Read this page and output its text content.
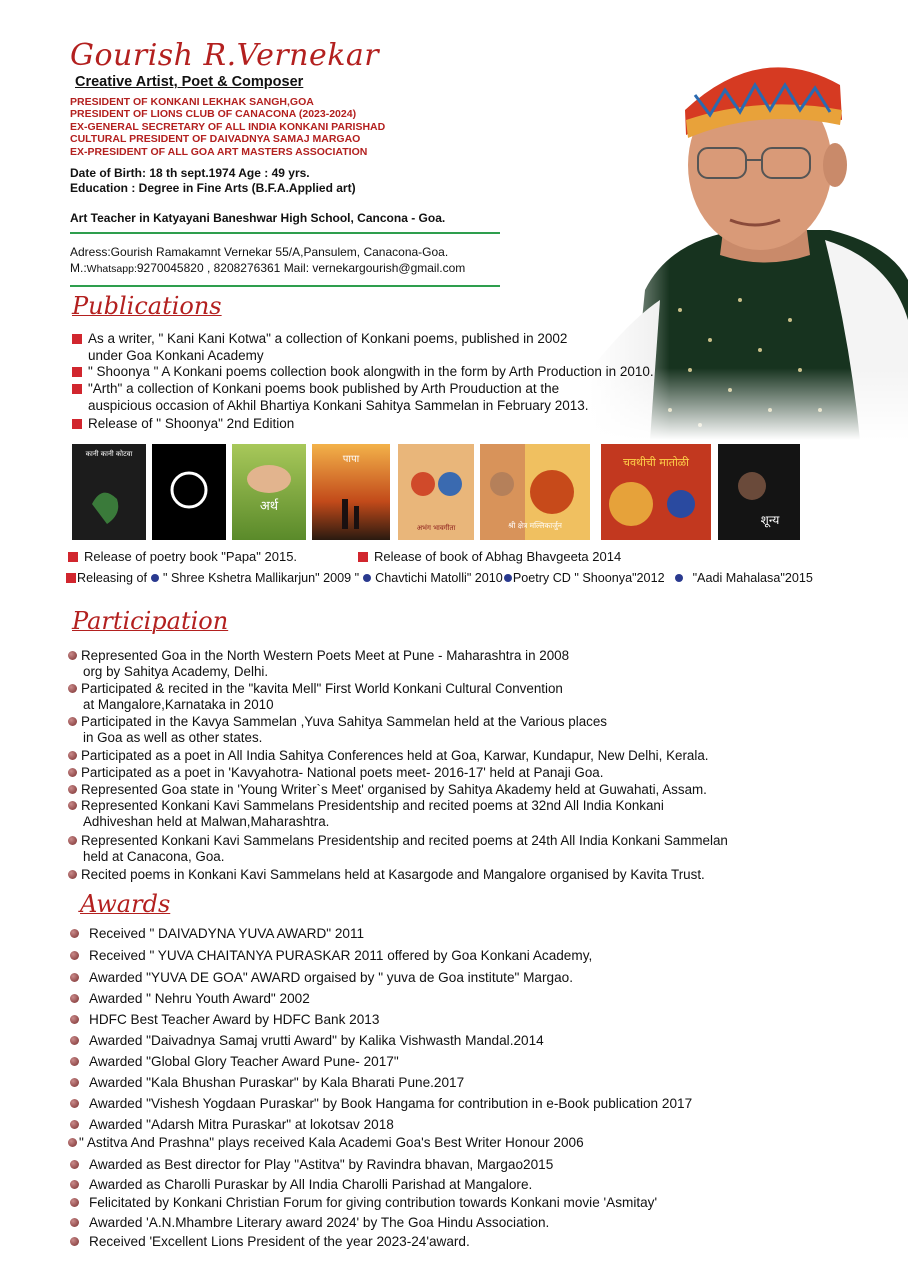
Gourish R.Vernekar
Creative Artist, Poet & Composer
PRESIDENT OF KONKANI LEKHAK SANGH,GOA
PRESIDENT OF LIONS CLUB OF CANACONA (2023-2024)
EX-GENERAL SECRETARY OF ALL INDIA KONKANI PARISHAD
CULTURAL PRESIDENT OF DAIVADNYA SAMAJ MARGAO
EX-PRESIDENT OF ALL GOA ART MASTERS ASSOCIATION
Date of Birth: 18 th sept.1974 Age : 49 yrs.
Education : Degree in Fine Arts (B.F.A.Applied art)
Art Teacher in Katyayani Baneshwar High School, Cancona - Goa.
Adress:Gourish Ramakamnt Vernekar 55/A,Pansulem, Canacona-Goa.
M.:Whatsapp:9270045820 , 8208276361 Mail: vernekargourish@gmail.com
Publications
As a writer, " Kani Kani Kotwa" a collection of Konkani poems, published in 2002
under Goa Konkani Academy
" Shoonya " A Konkani poems collection book alongwith in the form by Arth Production in 2010.
"Arth" a collection of Konkani poems book published by Arth Prouduction at the
auspicious occasion of Akhil Bhartiya Konkani Sahitya Sammelan in February 2013.
Release of " Shoonya" 2nd Edition
कानी कानी कोटवा
अर्थ
पापा
अभंग भावगीता	श्री क्षेत्र मल्लिकार्जुन
चवथीची मातोळी
शून्य
Release of poetry book "Papa" 2015.	Release of book of Abhag Bhavgeeta 2014
Releasing of " Shree Kshetra Mallikarjun" 2009 " Chavtichi Matolli" 2010 Poetry CD " Shoonya"2012 "Aadi Mahalasa"2015
Participation
Represented Goa in the North Western Poets Meet at Pune - Maharashtra in 2008
org by Sahitya Academy, Delhi.
Participated & recited in the "kavita Mell" First World Konkani Cultural Convention
at Mangalore,Karnataka in 2010
Participated in the Kavya Sammelan ,Yuva Sahitya Sammelan held at the Various places
in Goa as well as other states.
Participated as a poet in All India Sahitya Conferences held at Goa, Karwar, Kundapur, New Delhi, Kerala.
Participated as a poet in 'Kavyahotra- National poets meet- 2016-17' held at Panaji Goa.
Represented Goa state in 'Young Writer`s Meet' organised by Sahitya Akademy held at Guwahati, Assam.
Represented Konkani Kavi Sammelans Presidentship and recited poems at 32nd All India Konkani
Adhiveshan held at Malwan,Maharashtra.
Represented Konkani Kavi Sammelans Presidentship and recited poems at 24th All India Konkani Sammelan
held at Canacona, Goa.
Recited poems in Konkani Kavi Sammelans held at Kasargode and Mangalore organised by Kavita Trust.
Awards
Received " DAIVADYNA YUVA AWARD" 2011
Received " YUVA CHAITANYA PURASKAR 2011 offered by Goa Konkani Academy,
Awarded "YUVA DE GOA" AWARD orgaised by " yuva de Goa institute" Margao.
Awarded " Nehru Youth Award" 2002
HDFC Best Teacher Award by HDFC Bank 2013
Awarded "Daivadnya Samaj vrutti Award" by Kalika Vishwasth Mandal.2014
Awarded "Global Glory Teacher Award Pune- 2017"
Awarded "Kala Bhushan Puraskar" by Kala Bharati Pune.2017
Awarded "Vishesh Yogdaan Puraskar" by Book Hangama for contribution in e-Book publication 2017
Awarded "Adarsh Mitra Puraskar" at lokotsav 2018
" Astitva And Prashna" plays received Kala Academi Goa's Best Writer Honour 2006
Awarded as Best director for Play "Astitva" by Ravindra bhavan, Margao2015
Awarded as Charolli Puraskar by All India Charolli Parishad at Mangalore.
Felicitated by Konkani Christian Forum for giving contribution towards Konkani movie 'Asmitay'
Awarded 'A.N.Mhambre Literary award 2024' by The Goa Hindu Association.
Received 'Excellent Lions President of the year 2023-24'award.
